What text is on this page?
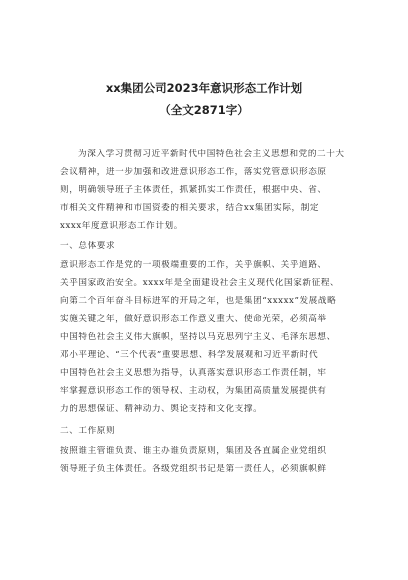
xx集团公司2023年意识形态工作计划
（全文2871字）
为深入学习贯彻习近平新时代中国特色社会主义思想和党的二十大
会议精神，进一步加强和改进意识形态工作，落实党管意识形态原
则，明确领导班子主体责任，抓紧抓实工作责任，根据中央、省、
市相关文件精神和市国资委的相关要求，结合xx集团实际，制定
xxxx年度意识形态工作计划。
一、总体要求
意识形态工作是党的一项极端重要的工作，关乎旗帜、关乎道路、
关乎国家政治安全。xxxx年是全面建设社会主义现代化国家新征程、
向第二个百年奋斗目标进军的开局之年，也是集团“xxxxx”发展战略
实施关键之年，做好意识形态工作意义重大、使命光荣，必须高举
中国特色社会主义伟大旗帜，坚持以马克思列宁主义、毛泽东思想、
邓小平理论、“三个代表”重要思想、科学发展观和习近平新时代
中国特色社会主义思想为指导，认真落实意识形态工作责任制，牢
牢掌握意识形态工作的领导权、主动权，为集团高质量发展提供有
力的思想保证、精神动力、舆论支持和文化支撑。
二、工作原则
按照谁主管谁负责、谁主办谁负责原则，集团及各直属企业党组织
领导班子负主体责任。各级党组织书记是第一责任人，必须旗帜鲜
